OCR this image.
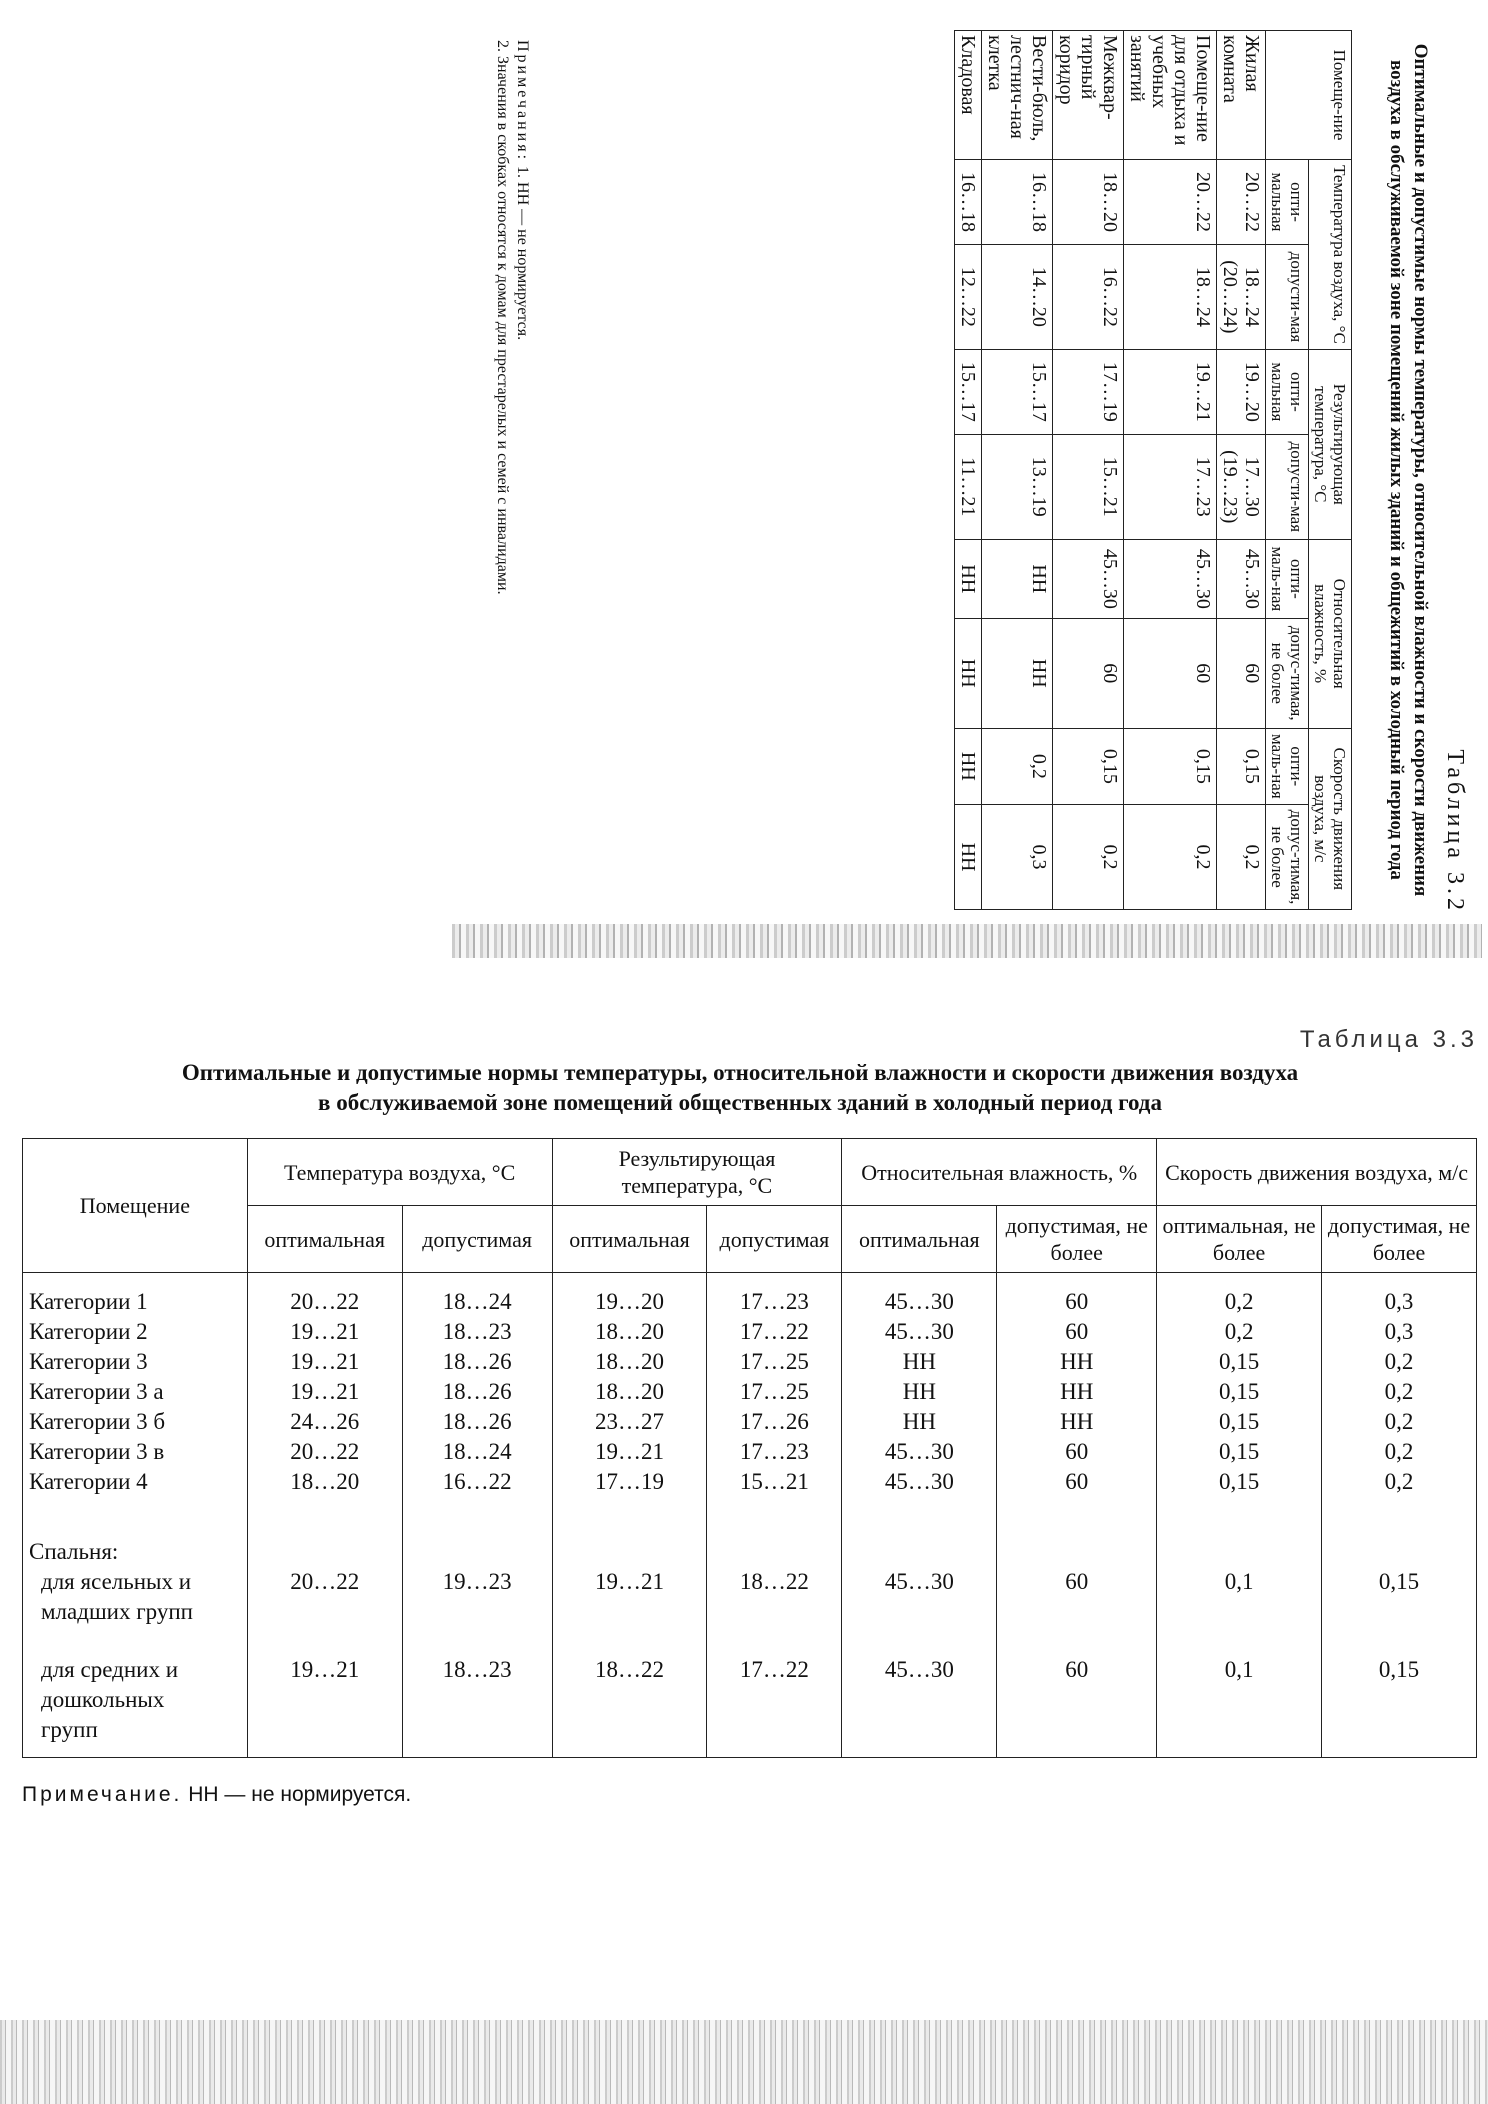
Таблица 3.2
Оптимальные и допустимые нормы температуры, относительной влажности и скорости движения воздуха в обслуживаемой зоне помещений жилых зданий и общежитий в холодный период года
Помеще-ние	Температура воздуха, °С		Результирующая температура, °С		Относительная влажность, %		Скорость движения воздуха, м/с	
	опти-мальная	допусти-мая	опти-мальная	допусти-мая	опти-маль-ная	допус-тимая, не более	опти-маль-ная	допус-тимая, не более
Жилая комната	20…22	18…24 (20…24)	19…20	17…30 (19…23)	45…30	60	0,15	0,2
Помеще-ние для отдыха и учебных занятий	20…22	18…24	19…21	17…23	45…30	60	0,15	0,2
Межквар-тирный коридор	18…20	16…22	17…19	15…21	45…30	60	0,15	0,2
Вести-бюль, лестнич-ная клетка	16…18	14…20	15…17	13…19	НН	НН	0,2	0,3
Кладовая	16…18	12…22	15…17	11…21	НН	НН	НН	НН
Примечания: 1. НН — не нормируется.
2. Значения в скобках относятся к домам для престарелых и семей с инвалидами.
Таблица 3.3
Оптимальные и допустимые нормы температуры, относительной влажности и скорости движения воздуха
в обслуживаемой зоне помещений общественных зданий в холодный период года
Помещение	Температура воздуха, °С		Результирующая температура, °С		Относительная влажность, %		Скорость движения воздуха, м/с	
	оптимальная	допустимая	оптимальная	допустимая	оптимальная	допустимая, не более	оптимальная, не более	допустимая, не более
Категории 1	20…22	18…24	19…20	17…23	45…30	60	0,2	0,3
Категории 2	19…21	18…23	18…20	17…22	45…30	60	0,2	0,3
Категории 3	19…21	18…26	18…20	17…25	НН	НН	0,15	0,2
Категории 3 а	19…21	18…26	18…20	17…25	НН	НН	0,15	0,2
Категории 3 б	24…26	18…26	23…27	17…26	НН	НН	0,15	0,2
Категории 3 в	20…22	18…24	19…21	17…23	45…30	60	0,15	0,2
Категории 4	18…20	16…22	17…19	15…21	45…30	60	0,15	0,2
Спальня:								

для ясельных и
младших групп	20…22	19…23	19…21	18…22	45…30	60	0,1	0,15

для средних и
дошкольных
групп	19…21	18…23	18…22	17…22	45…30	60	0,1	0,15
Примечание. НН — не нормируется.
